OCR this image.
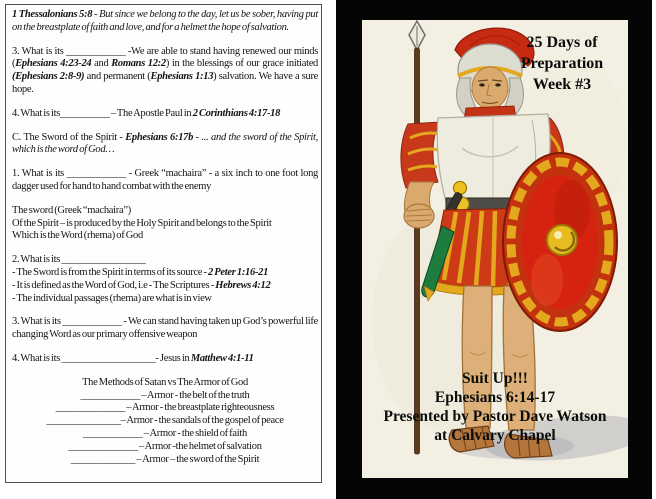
1 Thessalonians 5:8 - But since we belong to the day, let us be sober, having put on the breastplate of faith and love, and for a helmet the hope of salvation.
3. What is its ____________ -We are able to stand having renewed our minds (Ephesians 4:23-24 and Romans 12:2) in the blessings of our grace initiated (Ephesians 2:8-9) and permanent (Ephesians 1:13) salvation. We have a sure hope.
4. What is its__________ – The Apostle Paul in 2 Corinthians 4:17-18
C. The Sword of the Spirit - Ephesians 6:17b - ... and the sword of the Spirit, which is the word of God…
1. What is its ____________ - Greek “machaira” - a six inch to one foot long dagger used for hand to hand combat with the enemy
The sword (Greek “machaira”)
Of the Spirit – is produced by the Holy Spirit and belongs to the Spirit
Which is the Word (rhema) of God
2. What is its _________________
- The Sword is from the Spirit in terms of its source - 2 Peter 1:16-21
- It is defined as the Word of God, i.e - The Scriptures - Hebrews 4:12
- The individual passages (rhema) are what is in view
3. What is its ____________ - We can stand having taken up God’s powerful life changing Word as our primary offensive weapon
4. What is its ___________________- Jesus in Matthew 4:1-11
The Methods of Satan vs The Armor of God
____________ – Armor - the belt of the truth
______________ – Armor - the breastplate righteousness
_______________– Armor - the sandals of the gospel of peace
____________ – Armor - the shield of faith
______________ – Armor -the helmet of salvation
_____________ – Armor – the sword of the Spirit
25 Days of
Preparation
Week #3
Suit Up!!!
Ephesians 6:14-17
Presented by Pastor Dave Watson
at Calvary Chapel
